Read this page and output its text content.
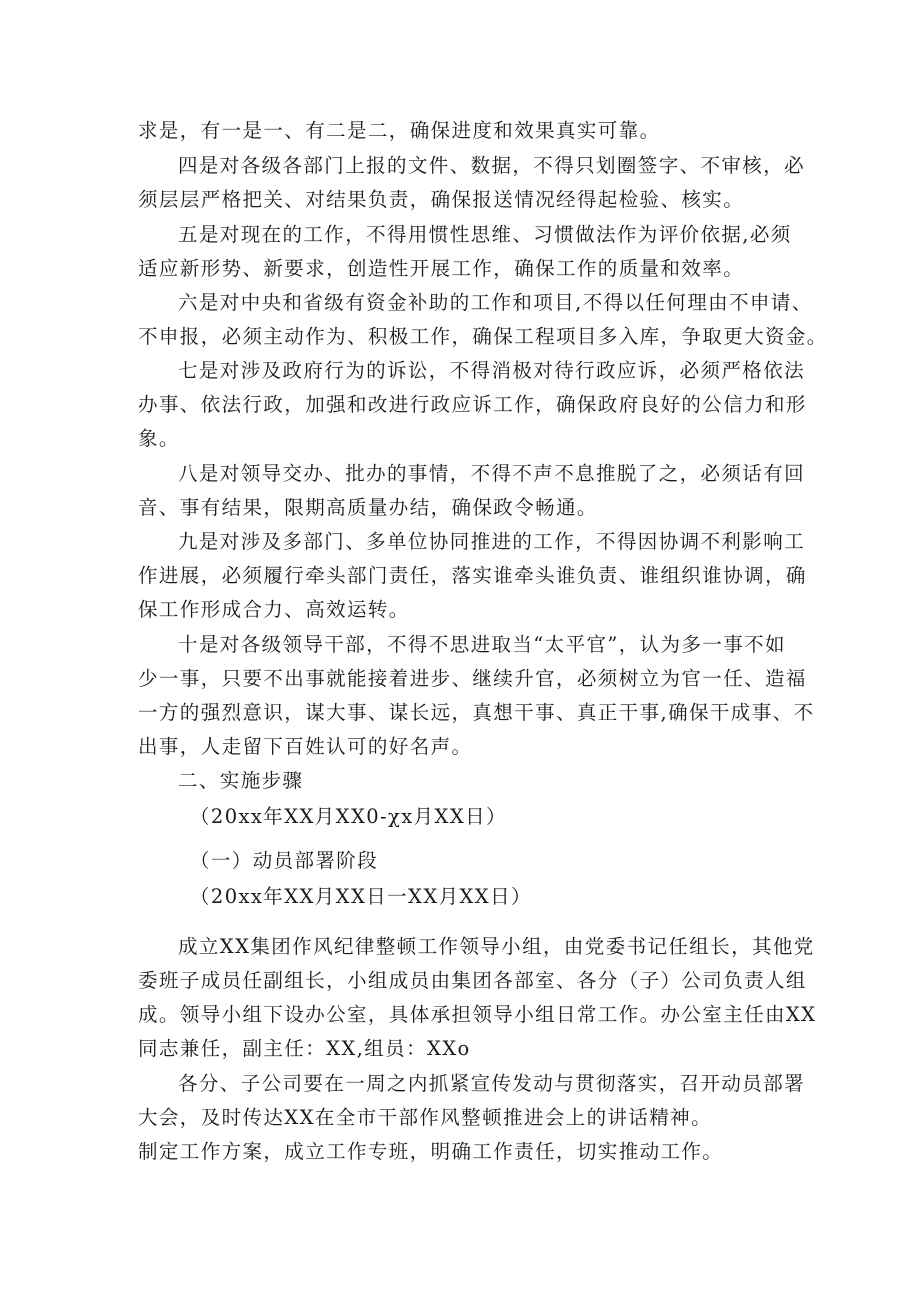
求是，有一是一、有二是二，确保进度和效果真实可靠。
四是对各级各部门上报的文件、数据，不得只划圈签字、不审核，必
须层层严格把关、对结果负责，确保报送情况经得起检验、核实。
五是对现在的工作，不得用惯性思维、习惯做法作为评价依据,必须
适应新形势、新要求，创造性开展工作，确保工作的质量和效率。
六是对中央和省级有资金补助的工作和项目,不得以任何理由不申请、
不申报，必须主动作为、积极工作，确保工程项目多入库，争取更大资金。
七是对涉及政府行为的诉讼，不得消极对待行政应诉，必须严格依法
办事、依法行政，加强和改进行政应诉工作，确保政府良好的公信力和形
象。
八是对领导交办、批办的事情，不得不声不息推脱了之，必须话有回
音、事有结果，限期高质量办结，确保政令畅通。
九是对涉及多部门、多单位协同推进的工作，不得因协调不利影响工
作进展，必须履行牵头部门责任，落实谁牵头谁负责、谁组织谁协调，确
保工作形成合力、高效运转。
十是对各级领导干部，不得不思进取当“太平官”，认为多一事不如
少一事，只要不出事就能接着进步、继续升官，必须树立为官一任、造福
一方的强烈意识，谋大事、谋长远，真想干事、真正干事,确保干成事、不
出事，人走留下百姓认可的好名声。
二、实施步骤
（20xx年XX月XX0-χx月XX日）
（一）动员部署阶段
（20xx年XX月XX日一XX月XX日）
成立XX集团作风纪律整顿工作领导小组，由党委书记任组长，其他党
委班子成员任副组长，小组成员由集团各部室、各分（子）公司负责人组
成。领导小组下设办公室，具体承担领导小组日常工作。办公室主任由XX
同志兼任，副主任：XX,组员：XXo
各分、子公司要在一周之内抓紧宣传发动与贯彻落实，召开动员部署
大会，及时传达XX在全市干部作风整顿推进会上的讲话精神。
制定工作方案，成立工作专班，明确工作责任，切实推动工作。
